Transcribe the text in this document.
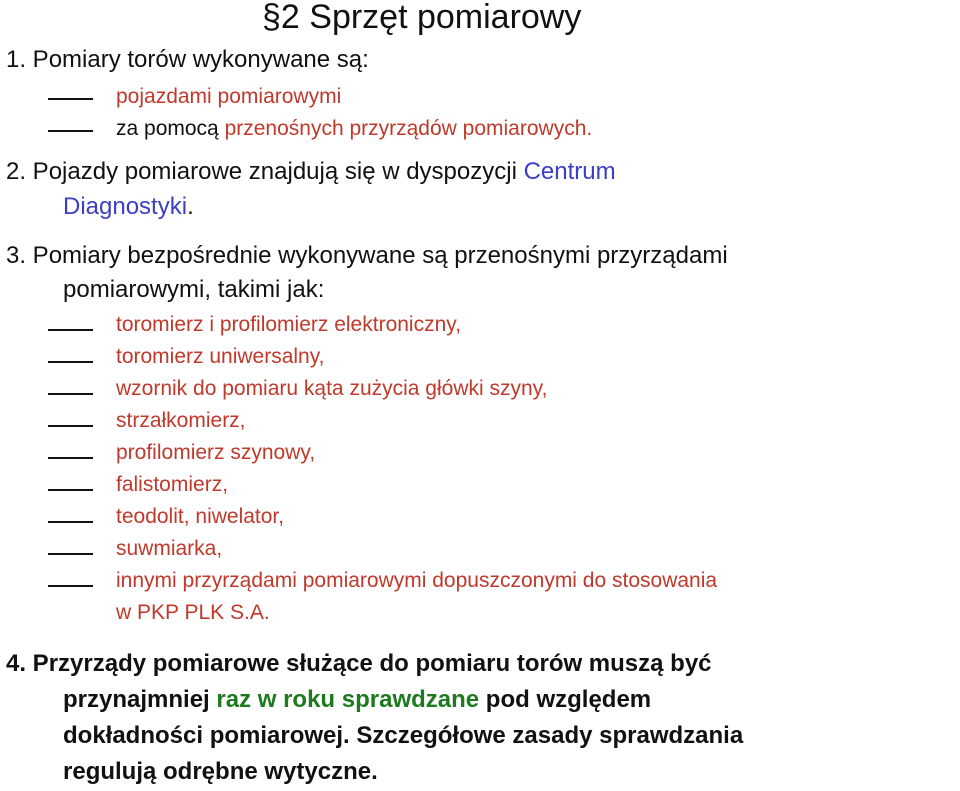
§2 Sprzęt pomiarowy
1. Pomiary torów wykonywane są:
pojazdami pomiarowymi
za pomocą przenośnych przyrządów pomiarowych.
2. Pojazdy pomiarowe znajdują się w dyspozycji Centrum
Diagnostyki.
3. Pomiary bezpośrednie wykonywane są przenośnymi przyrządami
pomiarowymi, takimi jak:
toromierz i profilomierz elektroniczny,
toromierz uniwersalny,
wzornik do pomiaru kąta zużycia główki szyny,
strzałkomierz,
profilomierz szynowy,
falistomierz,
teodolit, niwelator,
suwmiarka,
innymi przyrządami pomiarowymi dopuszczonymi do stosowania
w PKP PLK S.A.
4. Przyrządy pomiarowe służące do pomiaru torów muszą być
przynajmniej raz w roku sprawdzane pod względem
dokładności pomiarowej. Szczegółowe zasady sprawdzania
regulują odrębne wytyczne.
